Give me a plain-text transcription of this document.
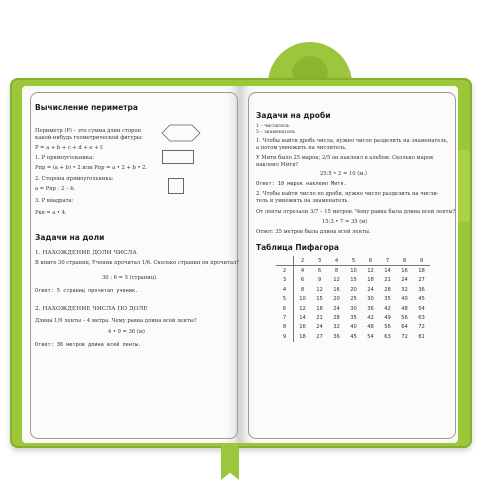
Вычисление периметра
Периметр (P) – это сумма длин сторон
какой-нибудь геометрической фигуры:
P = a + b + c + d + e + f.
1. P прямоугольника:
Pпр = (a + b) • 2 или Pпр = a • 2 + b • 2.
2. Сторона прямоугольника:
a = Pпр : 2 – b.
3. P квадрата:
Pкв = a • 4.
Задачи на доли
1. НАХОЖДЕНИЕ ДОЛИ ЧИСЛА
В книге 30 страниц. Ученик прочитал 1/6. Сколько страниц он прочитал?
30 : 6 = 5 (страниц).
Ответ: 5 страниц прочитал ученик.
2. НАХОЖДЕНИЕ ЧИСЛА ПО ДОЛЕ
Длина 1/9 ленты – 4 метра. Чему равна длина всей ленты?
4 • 9 = 36 (м)
Ответ: 36 метров длина всей ленты.
Задачи на дроби
1 – числитель
5 – знаменатель
1. Чтобы найти дробь числа, нужно число разделить на знаменатель,
а потом умножить на числитель.
У Мити было 25 марок; 2/5 он наклеил в альбом. Сколько марок
наклеил Митя?
25:5 • 2 = 10 (м.)
Ответ: 10 марок наклеил Митя.
2. Чтобы найти число по дроби, нужно число разделить на числи-
тель и умножить на знаменатель.
От ленты отрезали 3/7 – 15 метров. Чему равна была длина всей ленты?
15:3 • 7 = 35 (м)
Ответ: 35 метров была длина всей ленты.
Таблица Пифагора
	2	3	4	5	6	7	8	9
2	4	6	8	10	12	14	16	18
3	6	9	12	15	18	21	24	27
4	8	12	16	20	24	28	32	36
5	10	15	20	25	30	35	40	45
6	12	18	24	30	36	42	48	54
7	14	21	28	35	42	49	56	63
8	16	24	32	40	48	56	64	72
9	18	27	36	45	54	63	72	81
